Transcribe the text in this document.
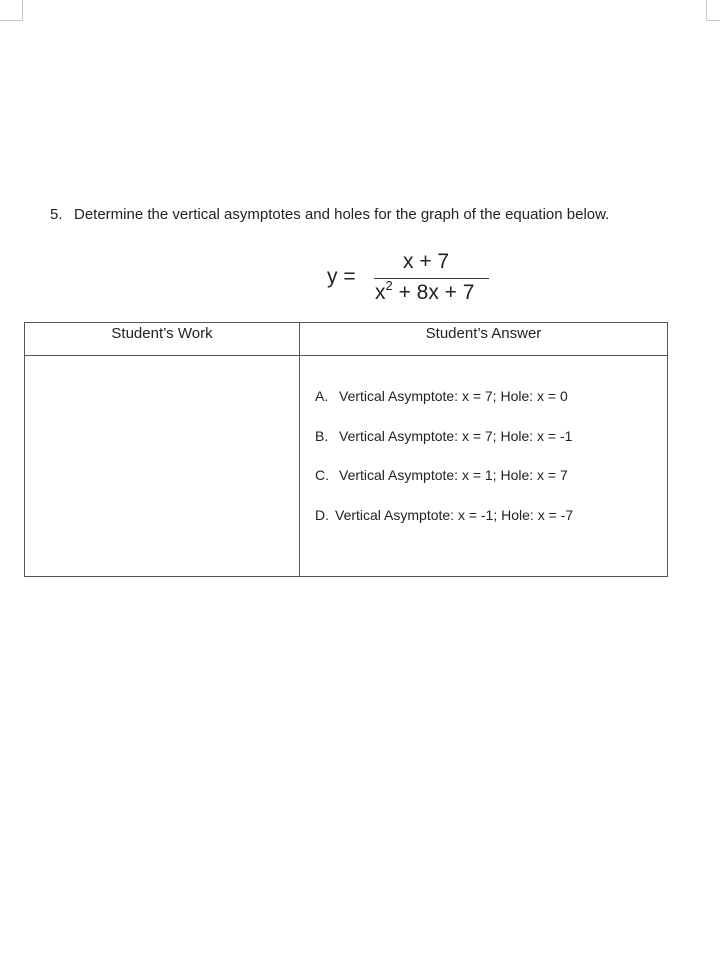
5. Determine the vertical asymptotes and holes for the graph of the equation below.
y =
x + 7
$x^2 + 8x + 7$
Student’s Work	Student’s Answer
A. Vertical Asymptote: x = 7; Hole: x = 0
B. Vertical Asymptote: x = 7; Hole: x = -1
C. Vertical Asymptote: x = 1; Hole: x = 7
D. Vertical Asymptote: x = -1; Hole: x = -7
